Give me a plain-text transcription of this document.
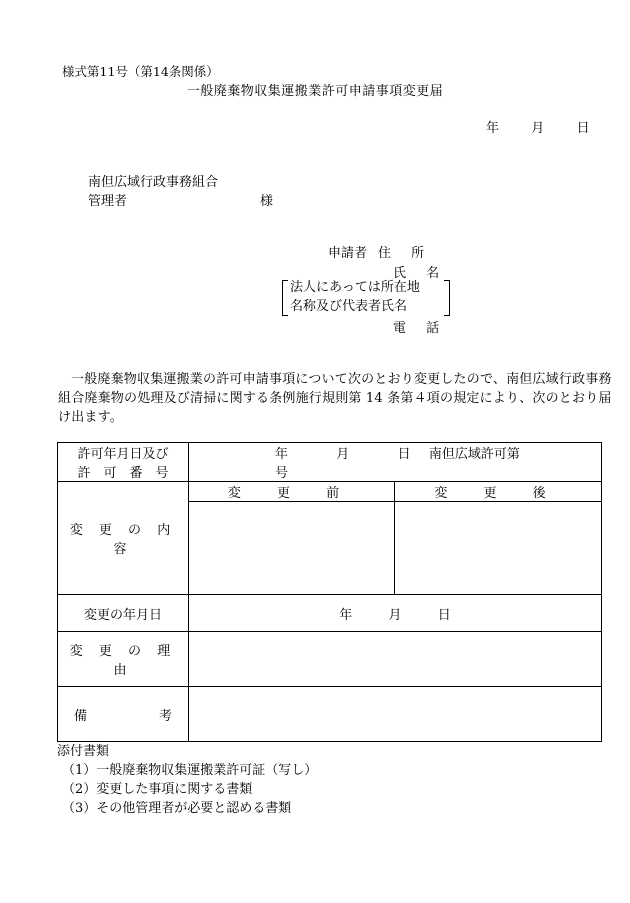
様式第11号（第14条関係）
一般廃棄物収集運搬業許可申請事項変更届
年 月 日
南但広域行政事務組合
管理者	様
申請者 住 所
氏 名
法人にあっては所在地
名称及び代表者氏名
電 話
一般廃棄物収集運搬業の許可申請事項について次のとおり変更したので、南但広域行政事務組合廃棄物の処理及び清掃に関する条例施行規則第 14 条第４項の規定により、次のとおり届け出ます。
許可年月日及び
許　可　番　号	年 月 日 南但広域許可第  号	
変 更 の 内 容	変 更 前	変 更 後

変更の年月日	年 月 日	
変 更 の 理 由		

備 考		

添付書類
（1）一般廃棄物収集運搬業許可証（写し）
（2）変更した事項に関する書類
（3）その他管理者が必要と認める書類
